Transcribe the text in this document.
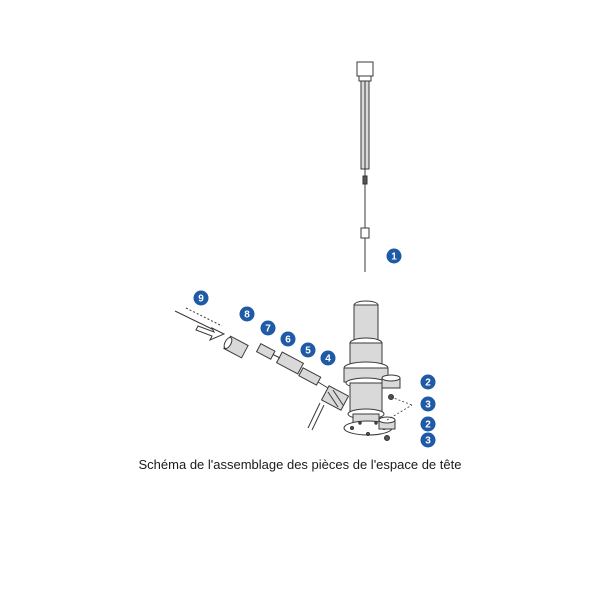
1
2
3
2
3
4
5
6
7
8
9
Schéma de l'assemblage des pièces de l'espace de tête
